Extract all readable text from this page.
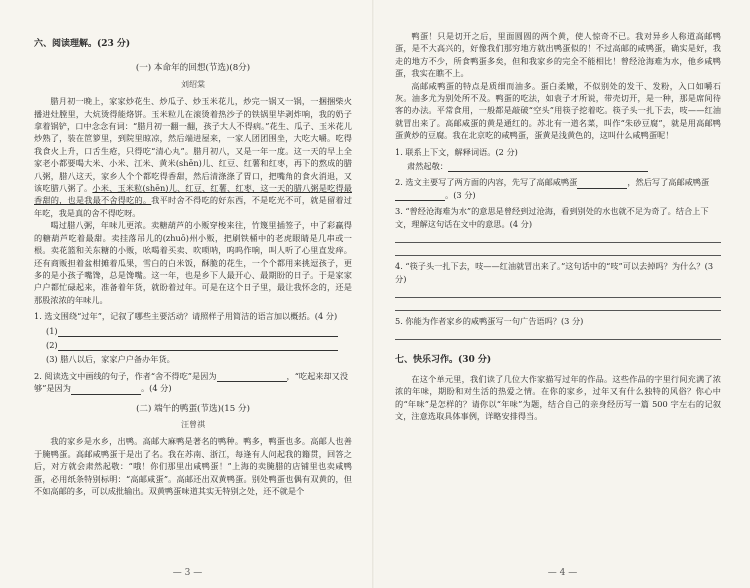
六、阅读理解。(23 分)
(一) 本命年的回想(节选)(8分)
刘绍棠

腊月初一晚上，家家炒花生、炒瓜子、炒玉米花儿，炒完一锅又一锅，一捆捆柴火播进灶膛里，大炕烫得能烙饼。玉米粒儿在滚烫着热沙子的铁锅里毕剥炸响，我的奶子拿着锅铲，口中念念有词：“腊月初一翻一翻，孩子大人不得病。”花生、瓜子、玉米花儿炒熟了，装在笸箩里，到院里晾凉，然后端进屋来，一家人团团围坐，大吃大嚼。吃得我食火上升，口舌生疮，只得吃“清心丸”。腊月初八，又是一年一度。这一天的早上全家老小都要喝大米、小米、江米、黄米(shēn)儿、红豆、红薯和红枣，再下的熬成的腊八粥，腊八这天，家乡人个个都吃得香甜，然后清涤涤了胃口，把嘴角的食火消退，又该吃腊八粥了。小米、玉米粒(shēn)儿、红豆、红薯、红枣，这一天的腊八粥是吃得最香甜的，也是我最不舍得吃的。我平时舍不得吃的好东西，不是吃光不可，就是留着过年吃，我是真的舍不得吃呀。

喝过腊八粥，年味儿更浓。卖糖葫芦的小贩穿梭来往，竹篾里插签子，中了彩赢得的糖葫芦吃着最甜。卖挂落吊儿的(zhuō)州小贩，把刷铁桶中的老虎眼睛是几串或一根。卖花篮和关东糖的小贩，吆喝着买卖、吹唢呐，呜呜作响，叫人听了心里直发痒。还有商贩担着盆柑摊着瓜果，雪白的白米饭，酥脆的花生，一个个都用来挑逗孩子，更多的是小孩子嘴馋，总是馋嘴。这一年，也是乡下人最开心、最期盼的日子。于是家家户户都忙碌起来，准备着年货，就盼着过年。可是在这个日子里，最让我怀念的，还是那股浓浓的年味儿。

1. 选文围绕“过年”，记叙了哪些主要活动？请照样子用简洁的语言加以概括。(4 分)
(1)
(2)
(3) 腊八以后，家家户户备办年货。
2. 阅读选文中画线的句子，作者“舍不得吃”是因为	，“吃起来却又没够”是因为	。(4 分)
(二) 端午的鸭蛋(节选)(15 分)
汪曾祺

我的家乡是水乡，出鸭。高邮大麻鸭是著名的鸭种。鸭多，鸭蛋也多。高邮人也善于腌鸭蛋。高邮咸鸭蛋于是出了名。我在苏南、浙江，每逢有人问起我的籍贯，回答之后，对方就会肃然起敬：“哦！你们那里出咸鸭蛋！”上海的卖腌腊的店铺里也卖咸鸭蛋，必用纸条特别标明：“高邮咸蛋”。高邮还出双黄鸭蛋。别处鸭蛋也偶有双黄的，但不如高邮的多，可以成批输出。双黄鸭蛋味道其实无特别之处，还不就是个

— 3 —

鸭蛋！只是切开之后，里面圆圆的两个黄，使人惊奇不已。我对异乡人称道高邮鸭蛋，是不大高兴的，好像我们那穷地方就出鸭蛋似的！不过高邮的咸鸭蛋，确实是好，我走的地方不少，所食鸭蛋多矣，但和我家乡的完全不能相比！曾经沧海难为水，他乡咸鸭蛋，我实在瞧不上。

高邮咸鸭蛋的特点是质细而油多。蛋白柔嫩，不似别处的发干、发粉，入口如嚼石灰。油多尤为别处所不及。鸭蛋的吃法，如袁子才所说，带壳切开，是一种，那是席间待客的办法。平常食用，一般都是敲破“空头”用筷子挖着吃。筷子头一扎下去，吱——红油就冒出来了。高邮咸蛋的黄是通红的。苏北有一道名菜，叫作“朱砂豆腐”，就是用高邮鸭蛋黄炒的豆腐。我在北京吃的咸鸭蛋，蛋黄是浅黄色的，这叫什么咸鸭蛋呢！

1. 联系上下文，解释词语。(2 分)
肃然起敬：
2. 选文主要写了两方面的内容，先写了高邮咸鸭蛋	，然后写了高邮咸鸭蛋。(3 分)
3. “曾经沧海难为水”的意思是曾经到过沧海，看到别处的水也就不足为奇了。结合上下文，理解这句话在文中的意思。(4 分)
4. “筷子头一扎下去，吱——红油就冒出来了。”这句话中的“吱”可以去掉吗？为什么？(3 分)
5. 你能为作者家乡的咸鸭蛋写一句广告语吗？(3 分)
七、快乐习作。(30 分)

在这个单元里，我们读了几位大作家描写过年的作品。这些作品的字里行间充满了浓浓的年味，期盼和对生活的热爱之情。在你的家乡，过年又有什么独特的风俗？你心中的“年味”是怎样的？请你以“年味”为题，结合自己的亲身经历写一篇 500 字左右的记叙文，注意选取具体事例，详略安排得当。

— 4 —
